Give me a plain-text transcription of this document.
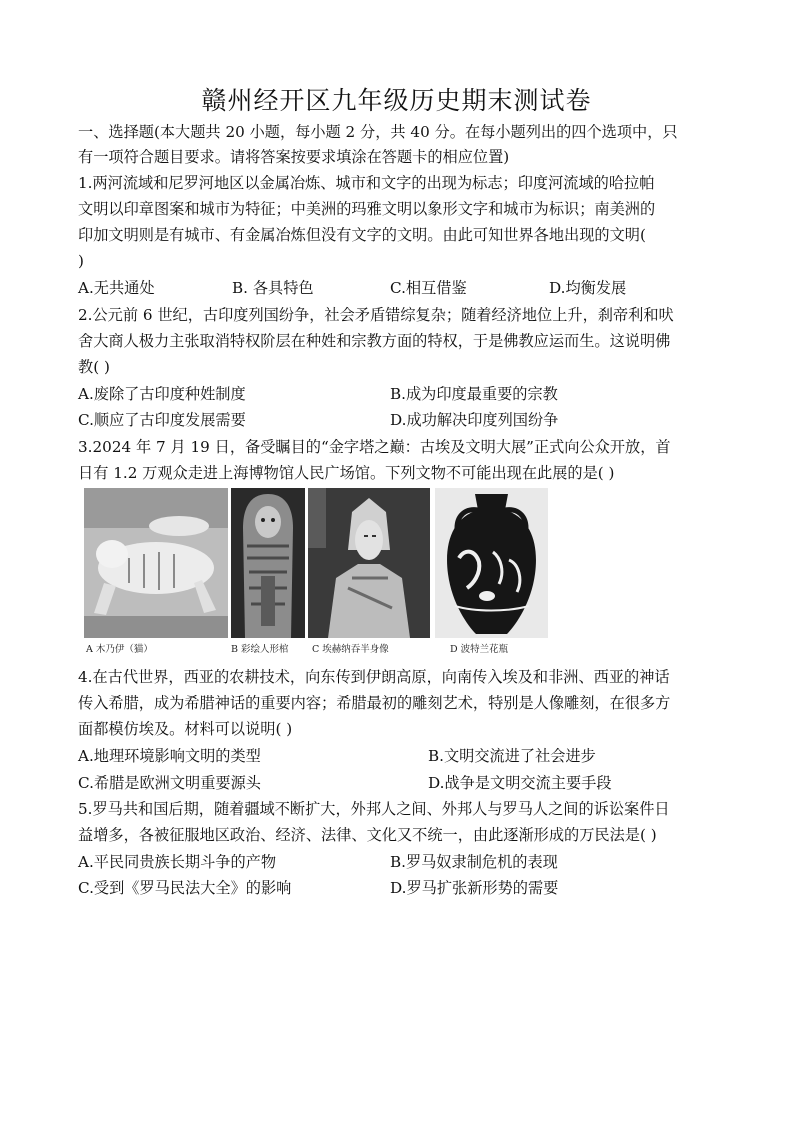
赣州经开区九年级历史期末测试卷
一、选择题(本大题共 20 小题，每小题 2 分，共 40 分。在每小题列出的四个选项中，只
有一项符合题目要求。请将答案按要求填涂在答题卡的相应位置)
1.两河流域和尼罗河地区以金属冶炼、城市和文字的出现为标志；印度河流域的哈拉帕
文明以印章图案和城市为特征；中美洲的玛雅文明以象形文字和城市为标识；南美洲的
印加文明则是有城市、有金属冶炼但没有文字的文明。由此可知世界各地出现的文明(
)
A.无共通处	B. 各具特色	C.相互借鉴	D.均衡发展
2.公元前 6 世纪，古印度列国纷争，社会矛盾错综复杂；随着经济地位上升，刹帝利和吠
舍大商人极力主张取消特权阶层在种姓和宗教方面的特权，于是佛教应运而生。这说明佛
教( )
A.废除了古印度种姓制度	B.成为印度最重要的宗教
C.顺应了古印度发展需要	D.成功解决印度列国纷争
3.2024 年 7 月 19 日，备受瞩目的“金字塔之巅：古埃及文明大展”正式向公众开放，首
日有 1.2 万观众走进上海博物馆人民广场馆。下列文物不可能出现在此展的是( )
A 木乃伊（猫）	B 彩绘人形棺 C 埃赫纳吞半身像	D 波特兰花瓶
4.在古代世界，西亚的农耕技术，向东传到伊朗高原，向南传入埃及和非洲、西亚的神话
传入希腊，成为希腊神话的重要内容；希腊最初的雕刻艺术，特别是人像雕刻，在很多方
面都模仿埃及。材料可以说明( )
A.地理环境影响文明的类型	B.文明交流进了社会进步
C.希腊是欧洲文明重要源头	D.战争是文明交流主要手段
5.罗马共和国后期，随着疆域不断扩大，外邦人之间、外邦人与罗马人之间的诉讼案件日
益增多，各被征服地区政治、经济、法律、文化又不统一，由此逐渐形成的万民法是( )
A.平民同贵族长期斗争的产物	B.罗马奴隶制危机的表现
C.受到《罗马民法大全》的影响	D.罗马扩张新形势的需要
